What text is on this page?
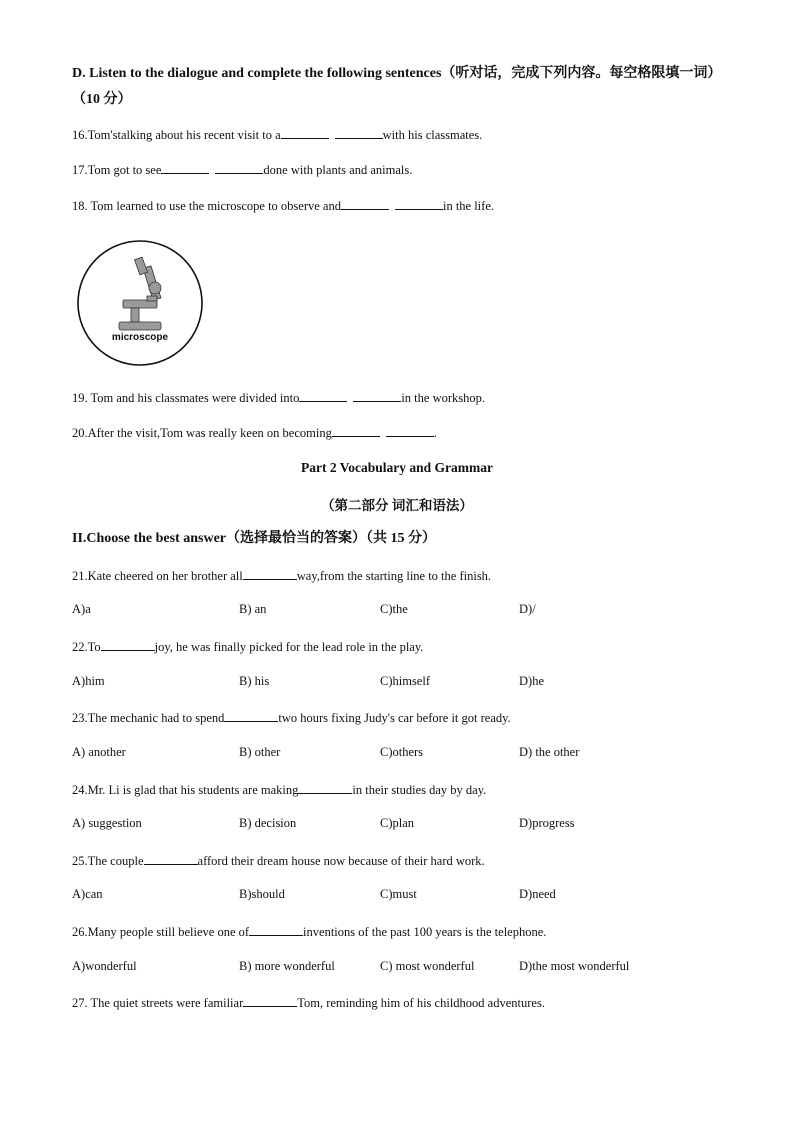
D. Listen to the dialogue and complete the following sentences（听对话，完成下列内容。每空格限填一词）（10 分）
16.Tom'stalking about his recent visit to a	with his classmates.
17.Tom got to see	done with plants and animals.
18. Tom learned to use the microscope to observe and	in the life.
microscope
19. Tom and his classmates were divided into	in the workshop.
20.After the visit,Tom was really keen on becoming	.
Part 2 Vocabulary and Grammar
（第二部分 词汇和语法）
II.Choose the best answer（选择最恰当的答案）（共 15 分）
21.Kate cheered on her brother all	way,from the starting line to the finish.
A)a	B) an	C)the	D)/
22.To	joy, he was finally picked for the lead role in the play.
A)him	B) his	C)himself	D)he
23.The mechanic had to spend	two hours fixing Judy's car before it got ready.
A) another	B) other	C)others	D) the other
24.Mr. Li is glad that his students are making	in their studies day by day.
A) suggestion	B) decision	C)plan	D)progress
25.The couple	afford their dream house now because of their hard work.
A)can	B)should	C)must	D)need
26.Many people still believe one of	inventions of the past 100 years is the telephone.
A)wonderful	B) more wonderful	C) most wonderful	D)the most wonderful
27. The quiet streets were familiar	Tom, reminding him of his childhood adventures.
